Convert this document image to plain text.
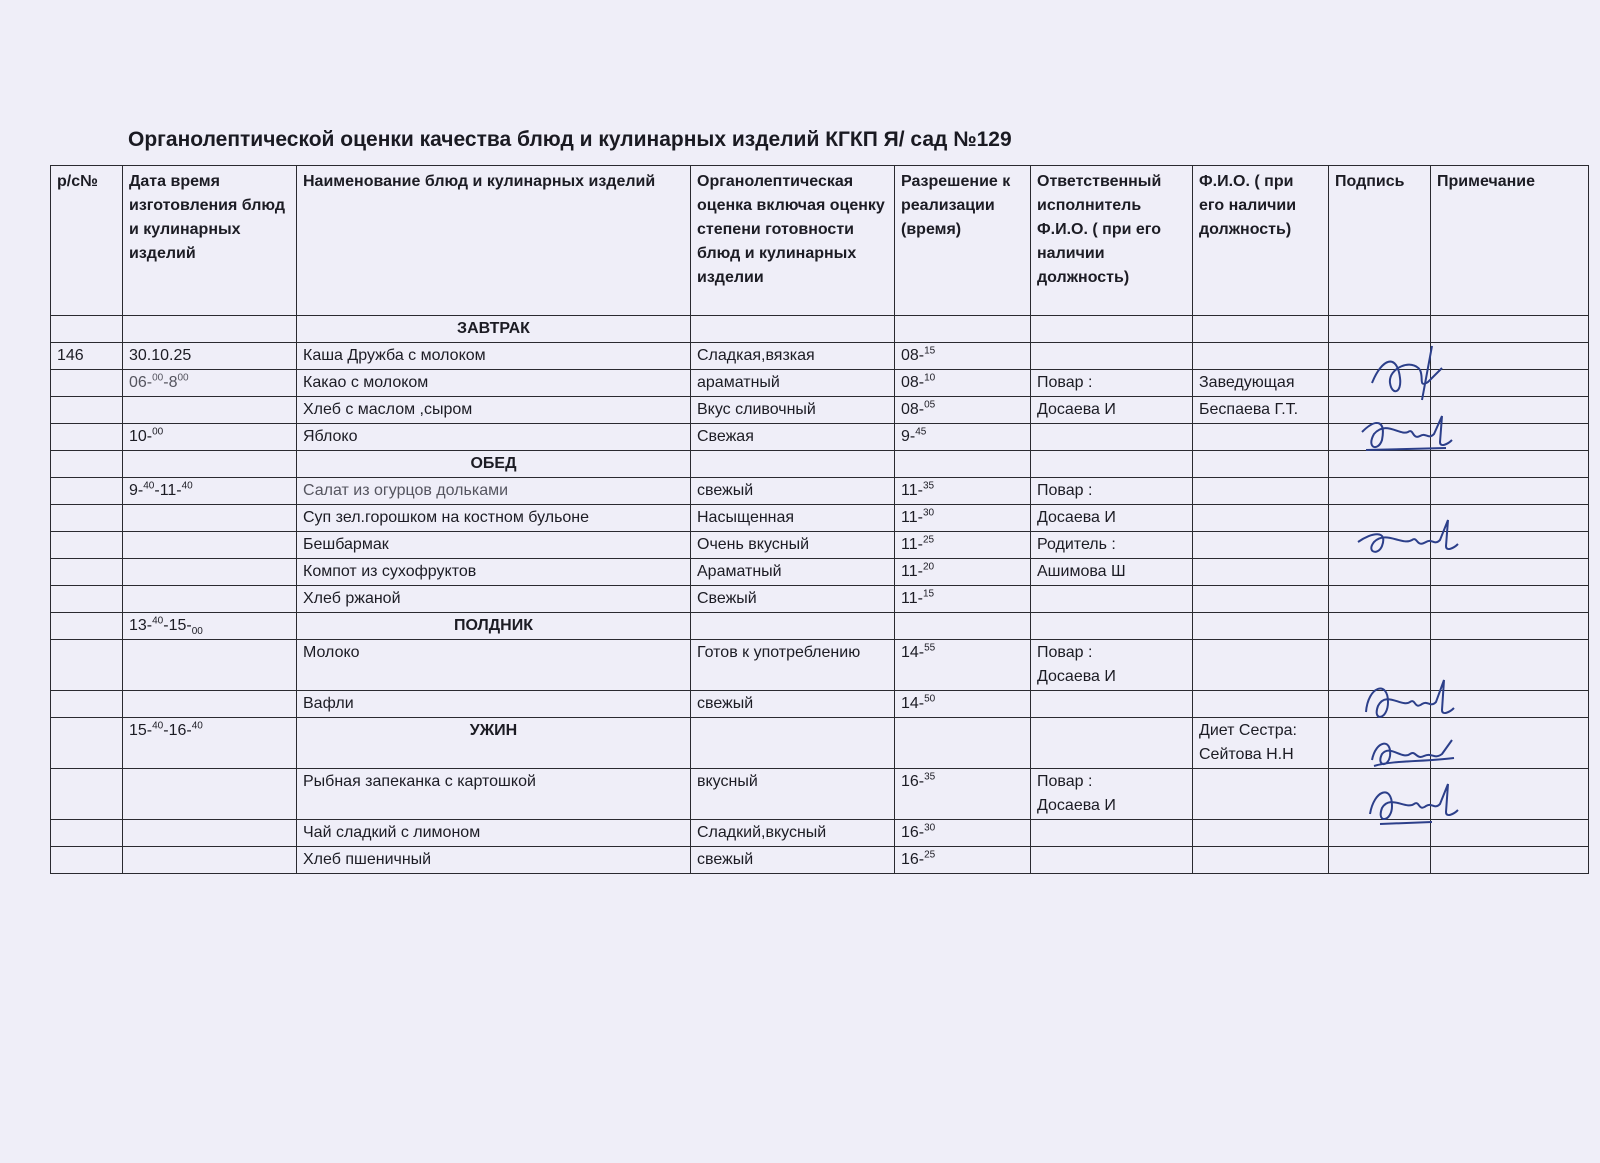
Органолептической оценки качества блюд и кулинарных изделий КГКП Я/ сад №129
р/с№	Дата время изготовления блюд и кулинарных изделий	Наименование блюд и кулинарных изделий	Органолептическая оценка включая оценку степени готовности блюд и кулинарных изделии	Разрешение к реализации (время)	Ответственный исполнитель Ф.И.О. ( при его наличии должность)	Ф.И.О. ( при его наличии должность)	Подпись	Примечание
		ЗАВТРАК						
146	30.10.25	Каша Дружба с молоком	Сладкая,вязкая	08-$^{15}$				
	$06-^{00}-8^{00}$	Какао с молоком	араматный	08-$^{10}$	Повар :	Заведующая		
		Хлеб с маслом ,сыром	Вкус сливочный	08-$^{05}$	Досаева И	Беспаева Г.Т.		
	10-$^{00}$	Яблоко	Свежая	9-$^{45}$				
		ОБЕД						
	9-$^{40}$-11-$^{40}$	Салат из огурцов дольками	свежый	11-$^{35}$	Повар :			
		Суп зел.горошком на костном бульоне	Насыщенная	11-$^{30}$	Досаева И			
		Бешбармак	Очень вкусный	11-$^{25}$	Родитель :			
		Компот из сухофруктов	Араматный	11-$^{20}$	Ашимова Ш			
		Хлеб ржаной	Свежый	11-$^{15}$				
	$13-^{40}-15-_{00}$	ПОЛДНИК						
		Молоко	Готов к употреблению	14-$^{55}$	Повар :
Досаева И			
		Вафли	свежый	14-$^{50}$				
	15-$^{40}$-16-$^{40}$	УЖИН				Диет Сестра:
Сейтова Н.Н		
		Рыбная запеканка с картошкой	вкусный	16-$^{35}$	Повар :
Досаева И			
		Чай сладкий с лимоном	Сладкий,вкусный	16-$^{30}$				
		Хлеб пшеничный	свежый	16-$^{25}$				
